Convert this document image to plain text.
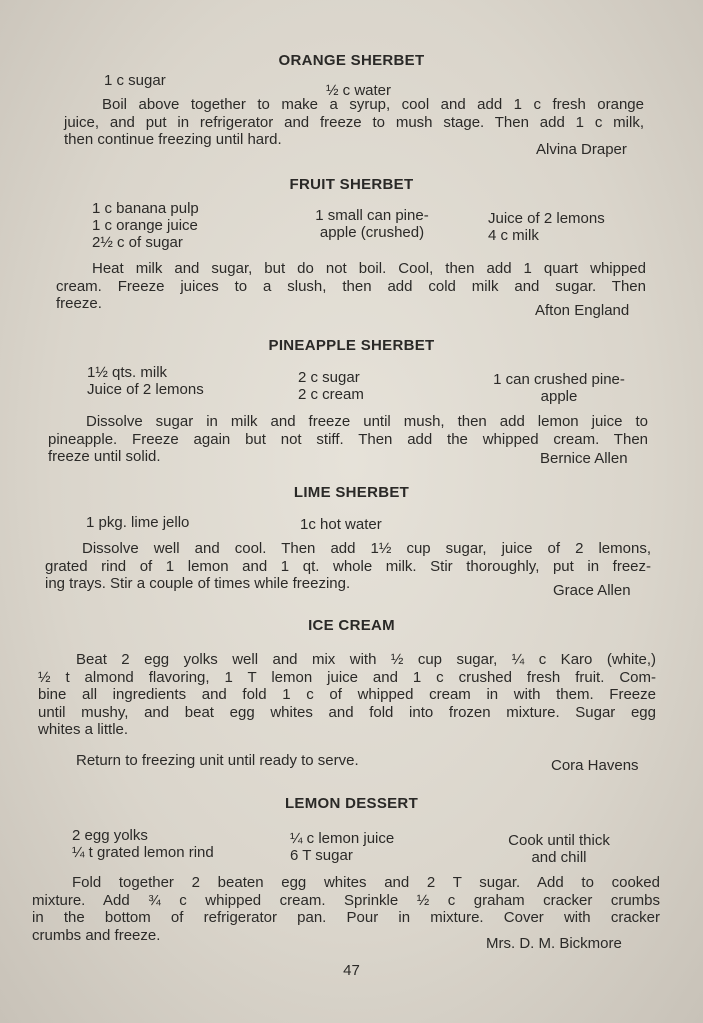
ORANGE SHERBET
1 c sugar
½ c water
Boil above together to make a syrup, cool and add 1 c fresh orange
juice, and put in refrigerator and freeze to mush stage. Then add 1 c milk,
then continue freezing until hard.
Alvina Draper
FRUIT SHERBET
1 c banana pulp
1 c orange juice
2½ c of sugar
1 small can pine-
apple (crushed)
Juice of 2 lemons
4 c milk
Heat milk and sugar, but do not boil. Cool, then add 1 quart whipped
cream. Freeze juices to a slush, then add cold milk and sugar. Then
freeze.	Afton England
PINEAPPLE SHERBET
1½ qts. milk
Juice of 2 lemons
2 c sugar
2 c cream
1 can crushed pine-
apple
Dissolve sugar in milk and freeze until mush, then add lemon juice to
pineapple. Freeze again but not stiff. Then add the whipped cream. Then
freeze until solid.	Bernice Allen
LIME SHERBET
1 pkg. lime jello	1c hot water
Dissolve well and cool. Then add 1½ cup sugar, juice of 2 lemons,
grated rind of 1 lemon and 1 qt. whole milk. Stir thoroughly, put in freez-
ing trays. Stir a couple of times while freezing.	Grace Allen
ICE CREAM
Beat 2 egg yolks well and mix with ½ cup sugar, ¼ c Karo (white,)
½ t almond flavoring, 1 T lemon juice and 1 c crushed fresh fruit. Com-
bine all ingredients and fold 1 c of whipped cream in with them. Freeze
until mushy, and beat egg whites and fold into frozen mixture. Sugar egg
whites a little.
Return to freezing unit until ready to serve.	Cora Havens
LEMON DESSERT
2 egg yolks
¼ t grated lemon rind
¼ c lemon juice
6 T sugar
Cook until thick
and chill
Fold together 2 beaten egg whites and 2 T sugar. Add to cooked
mixture. Add ¾ c whipped cream. Sprinkle ½ c graham cracker crumbs
in the bottom of refrigerator pan. Pour in mixture. Cover with cracker
crumbs and freeze.	Mrs. D. M. Bickmore
47
